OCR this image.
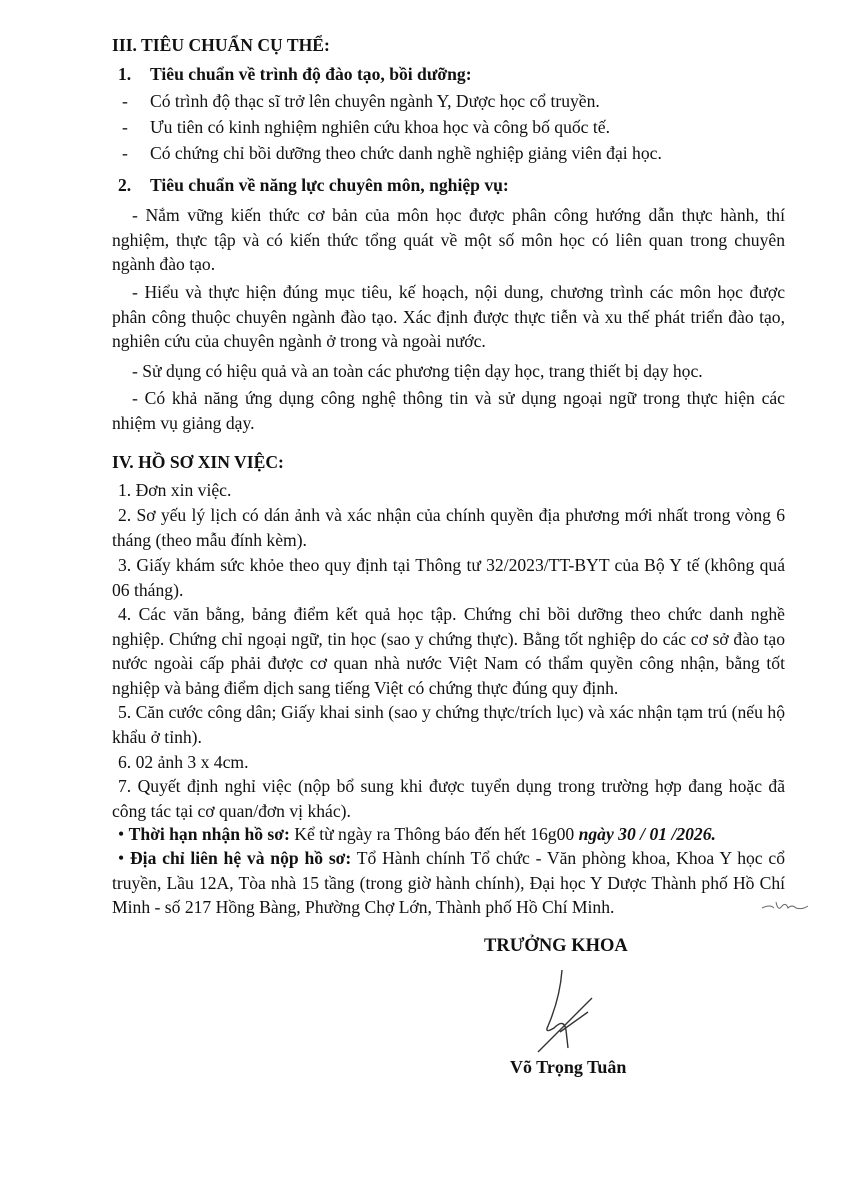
III. TIÊU CHUẨN CỤ THỂ:
1. Tiêu chuẩn về trình độ đào tạo, bồi dưỡng:
- Có trình độ thạc sĩ trở lên chuyên ngành Y, Dược học cổ truyền.
- Ưu tiên có kinh nghiệm nghiên cứu khoa học và công bố quốc tế.
- Có chứng chỉ bồi dưỡng theo chức danh nghề nghiệp giảng viên đại học.
2. Tiêu chuẩn về năng lực chuyên môn, nghiệp vụ:
- Nắm vững kiến thức cơ bản của môn học được phân công hướng dẫn thực hành, thí nghiệm, thực tập và có kiến thức tổng quát về một số môn học có liên quan trong chuyên ngành đào tạo.
- Hiểu và thực hiện đúng mục tiêu, kế hoạch, nội dung, chương trình các môn học được phân công thuộc chuyên ngành đào tạo. Xác định được thực tiễn và xu thế phát triển đào tạo, nghiên cứu của chuyên ngành ở trong và ngoài nước.
- Sử dụng có hiệu quả và an toàn các phương tiện dạy học, trang thiết bị dạy học.
- Có khả năng ứng dụng công nghệ thông tin và sử dụng ngoại ngữ trong thực hiện các nhiệm vụ giảng dạy.
IV. HỒ SƠ XIN VIỆC:
1. Đơn xin việc.
2. Sơ yếu lý lịch có dán ảnh và xác nhận của chính quyền địa phương mới nhất trong vòng 6 tháng (theo mẫu đính kèm).
3. Giấy khám sức khỏe theo quy định tại Thông tư 32/2023/TT-BYT của Bộ Y tế (không quá 06 tháng).
4. Các văn bằng, bảng điểm kết quả học tập. Chứng chỉ bồi dưỡng theo chức danh nghề nghiệp. Chứng chỉ ngoại ngữ, tin học (sao y chứng thực). Bằng tốt nghiệp do các cơ sở đào tạo nước ngoài cấp phải được cơ quan nhà nước Việt Nam có thẩm quyền công nhận, bằng tốt nghiệp và bảng điểm dịch sang tiếng Việt có chứng thực đúng quy định.
5. Căn cước công dân; Giấy khai sinh (sao y chứng thực/trích lục) và xác nhận tạm trú (nếu hộ khẩu ở tỉnh).
6. 02 ảnh 3 x 4cm.
7. Quyết định nghỉ việc (nộp bổ sung khi được tuyển dụng trong trường hợp đang hoặc đã công tác tại cơ quan/đơn vị khác).
• Thời hạn nhận hồ sơ: Kể từ ngày ra Thông báo đến hết 16g00 ngày 30 / 01 /2026.
• Địa chỉ liên hệ và nộp hồ sơ: Tổ Hành chính Tổ chức - Văn phòng khoa, Khoa Y học cổ truyền, Lầu 12A, Tòa nhà 15 tầng (trong giờ hành chính), Đại học Y Dược Thành phố Hồ Chí Minh - số 217 Hồng Bàng, Phường Chợ Lớn, Thành phố Hồ Chí Minh.
TRƯỞNG KHOA
Võ Trọng Tuân
